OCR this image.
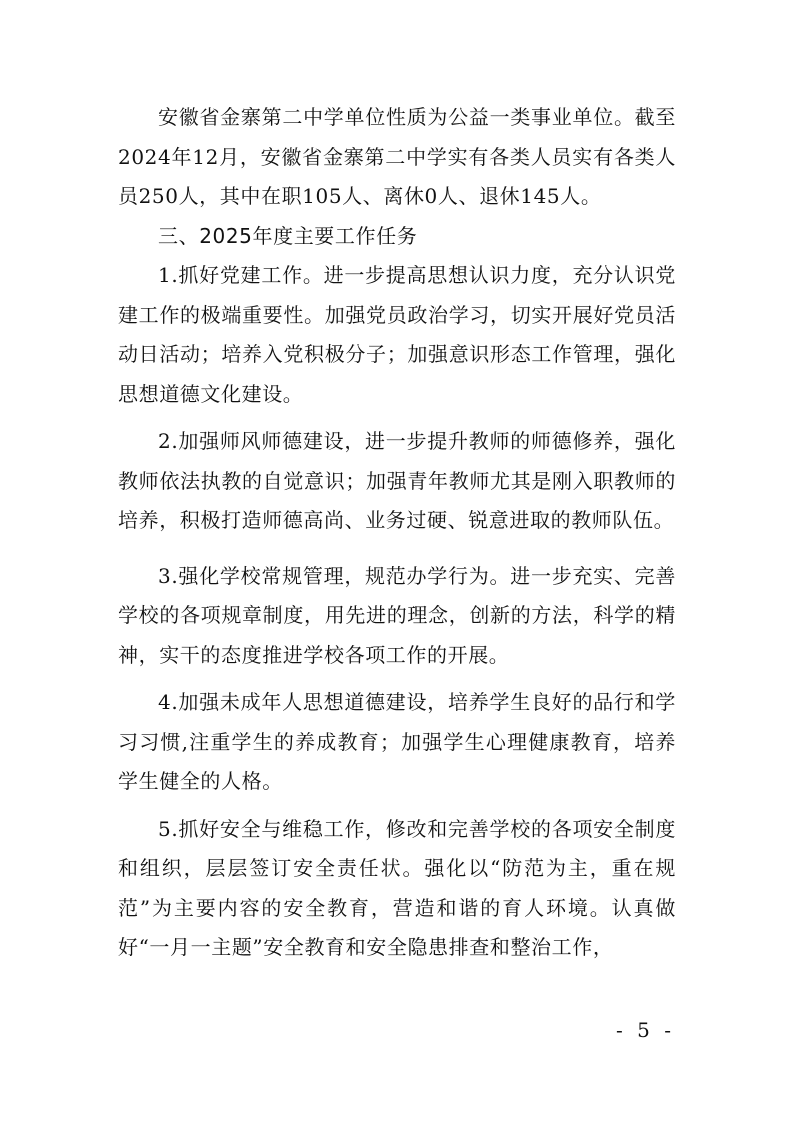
安徽省金寨第二中学单位性质为公益一类事业单位。截至2024年12月，安徽省金寨第二中学实有各类人员实有各类人员250人，其中在职105人、离休0人、退休145人。

三、2025年度主要工作任务

1.抓好党建工作。进一步提高思想认识力度，充分认识党建工作的极端重要性。加强党员政治学习，切实开展好党员活动日活动；培养入党积极分子；加强意识形态工作管理，强化思想道德文化建设。

2.加强师风师德建设，进一步提升教师的师德修养，强化教师依法执教的自觉意识；加强青年教师尤其是刚入职教师的培养，积极打造师德高尚、业务过硬、锐意进取的教师队伍。

3.强化学校常规管理，规范办学行为。进一步充实、完善学校的各项规章制度，用先进的理念，创新的方法，科学的精神，实干的态度推进学校各项工作的开展。

4.加强未成年人思想道德建设，培养学生良好的品行和学习习惯,注重学生的养成教育；加强学生心理健康教育，培养学生健全的人格。

5.抓好安全与维稳工作，修改和完善学校的各项安全制度和组织，层层签订安全责任状。强化以“防范为主，重在规范”为主要内容的安全教育，营造和谐的育人环境。认真做好“一月一主题”安全教育和安全隐患排查和整治工作，

- 5 -
